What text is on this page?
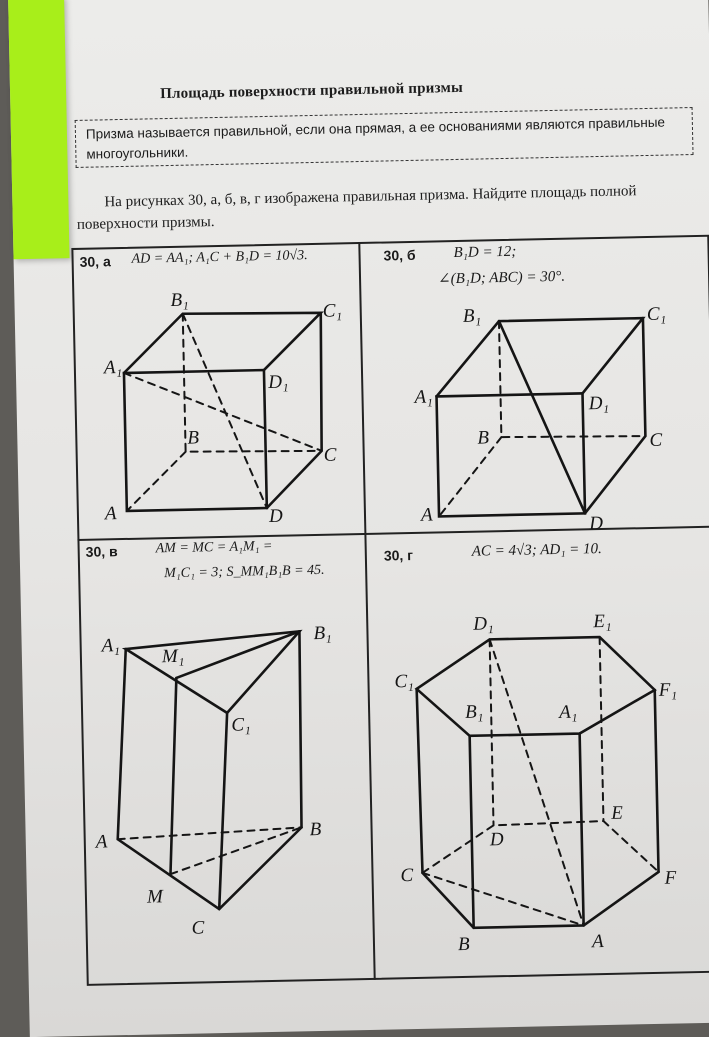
Площадь поверхности правильной призмы
Призма называется правильной, если она прямая, а ее основаниями являются правильные многоугольники.
На рисунках 30, а, б, в, г изображена правильная призма. Найдите площадь полной поверхности призмы.
30, а AD = AA₁; A₁C + B₁D = 10√3.	30, б	B₁D = 12;
∠(B₁D; ABC) = 30°.
30, в	AM = MC = A₁M₁ =
M₁C₁ = 3; S_MM₁B₁B = 45.
30, г	AC = 4√3; AD₁ = 10.
B₁
C₁
A₁
D₁
B
C
A	D
B₁	C₁
A₁	D₁
B	C
A	D
A₁ M₁
B₁
C₁
A
B
M
C
D₁	E₁
C₁	F₁
B₁	A₁
E
D
C	F
B	A
